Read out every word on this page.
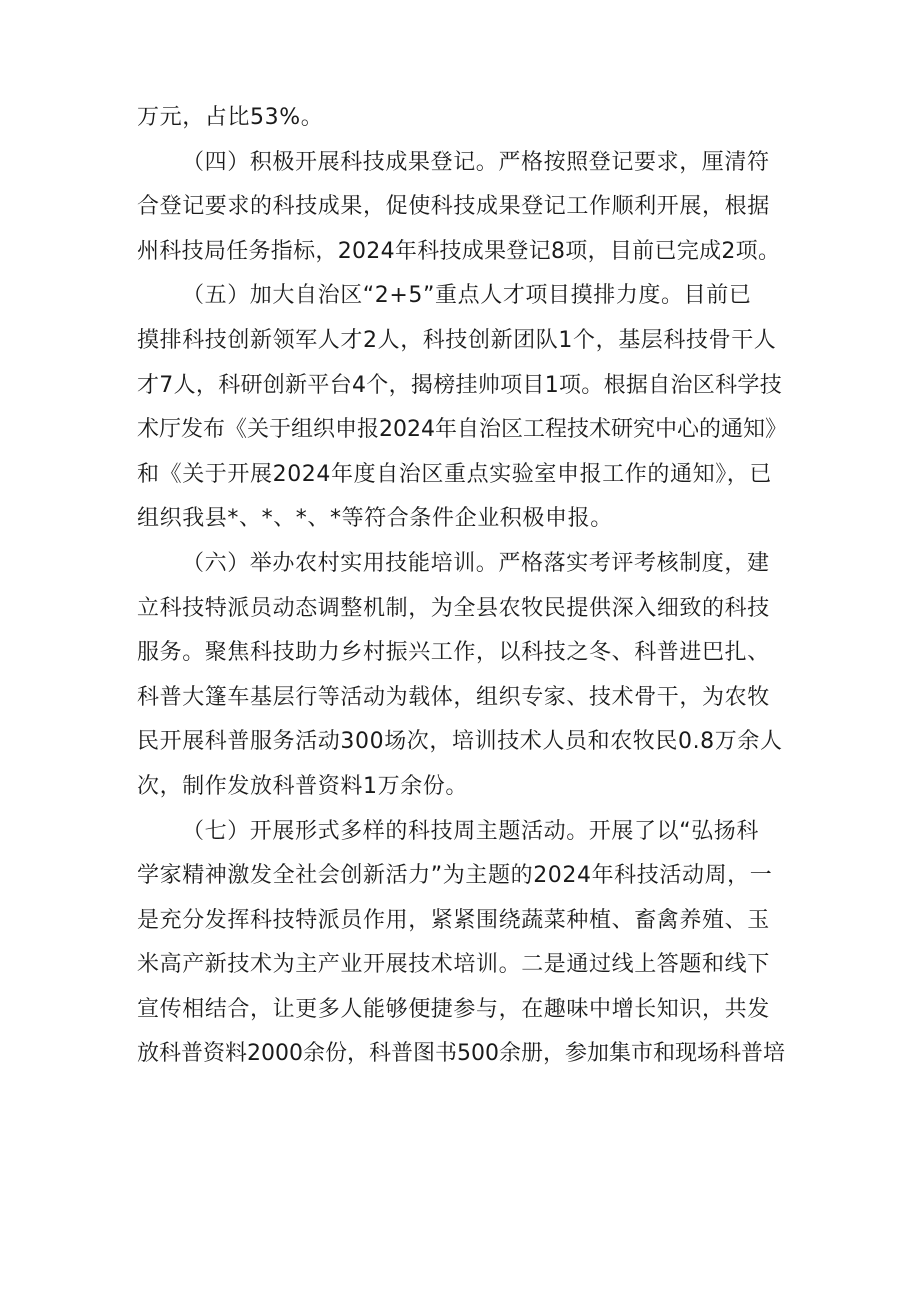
万元，占比53%。

（四）积极开展科技成果登记。严格按照登记要求，厘清符
合登记要求的科技成果，促使科技成果登记工作顺利开展，根据
州科技局任务指标，2024年科技成果登记8项，目前已完成2项。

（五）加大自治区“2+5”重点人才项目摸排力度。目前已
摸排科技创新领军人才2人，科技创新团队1个，基层科技骨干人
才7人，科研创新平台4个，揭榜挂帅项目1项。根据自治区科学技
术厅发布《关于组织申报2024年自治区工程技术研究中心的通知》
和《关于开展2024年度自治区重点实验室申报工作的通知》，已
组织我县*、*、*、*等符合条件企业积极申报。

（六）举办农村实用技能培训。严格落实考评考核制度，建
立科技特派员动态调整机制，为全县农牧民提供深入细致的科技
服务。聚焦科技助力乡村振兴工作，以科技之冬、科普进巴扎、
科普大篷车基层行等活动为载体，组织专家、技术骨干，为农牧
民开展科普服务活动300场次，培训技术人员和农牧民0.8万余人
次，制作发放科普资料1万余份。

（七）开展形式多样的科技周主题活动。开展了以“弘扬科
学家精神激发全社会创新活力”为主题的2024年科技活动周，一
是充分发挥科技特派员作用，紧紧围绕蔬菜种植、畜禽养殖、玉
米高产新技术为主产业开展技术培训。二是通过线上答题和线下
宣传相结合，让更多人能够便捷参与，在趣味中增长知识，共发
放科普资料2000余份，科普图书500余册，参加集市和现场科普培
